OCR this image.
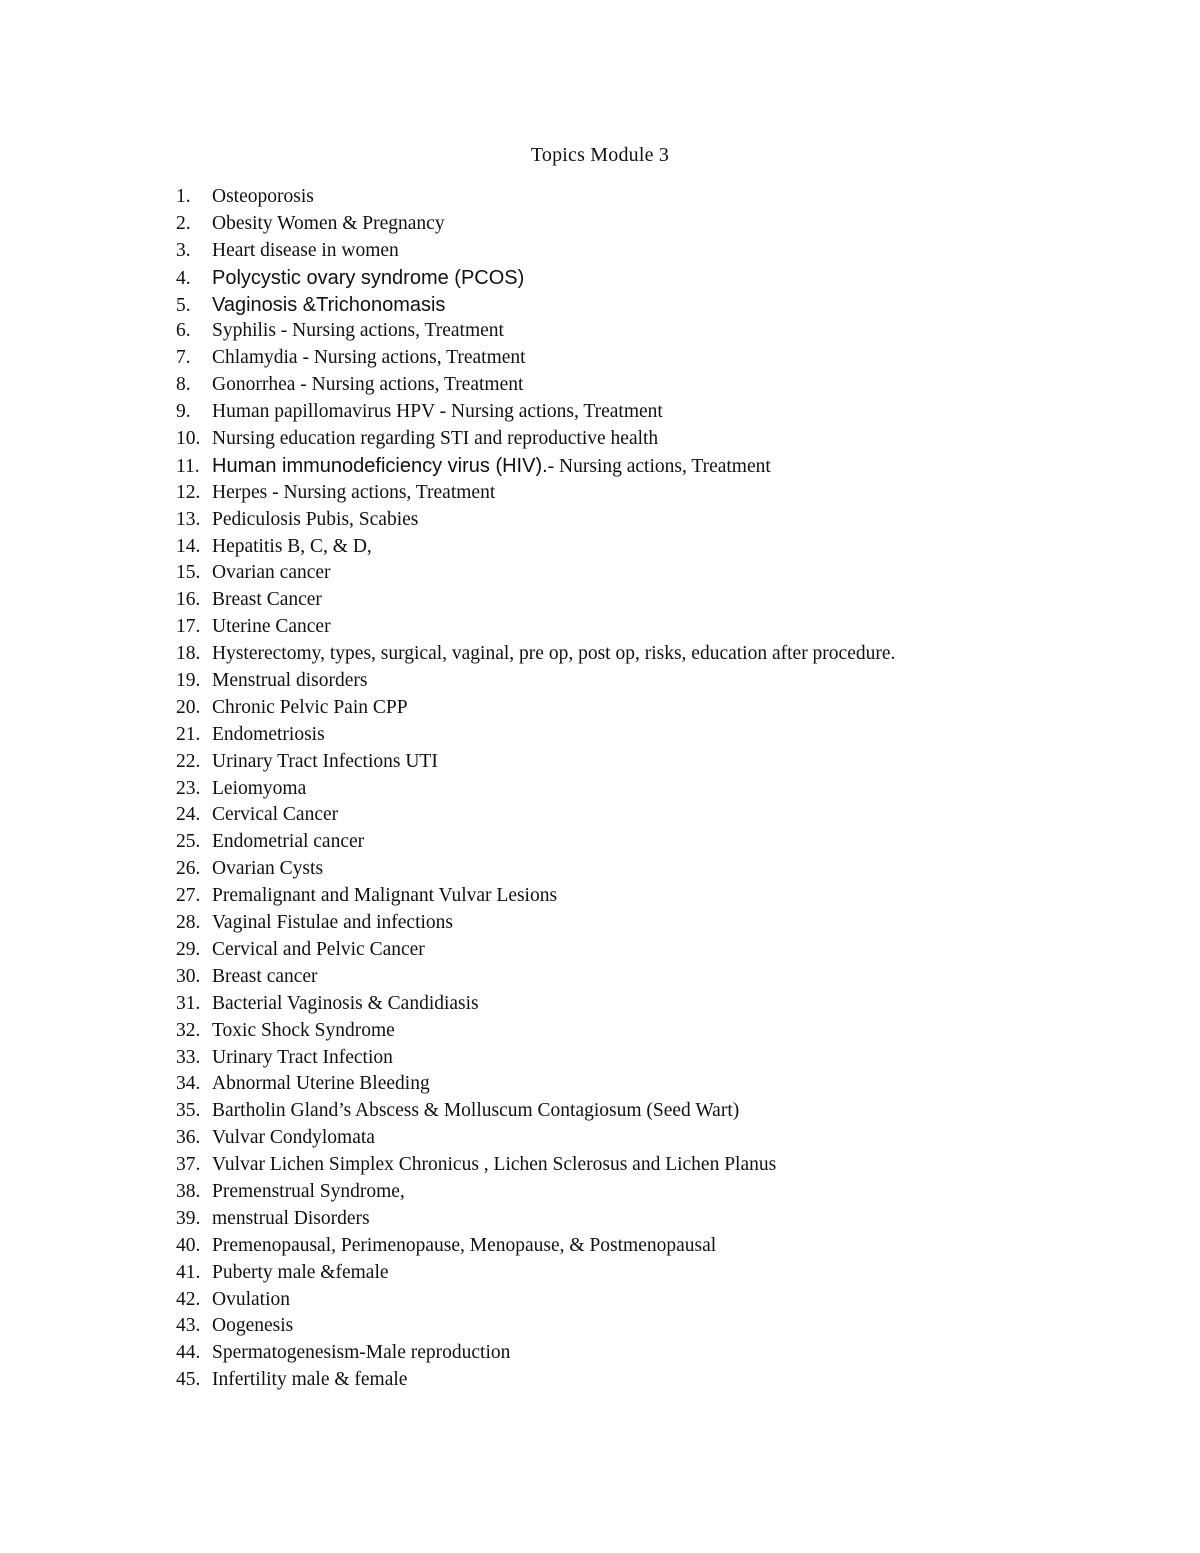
Topics Module 3
1.	Osteoporosis
2.	Obesity Women & Pregnancy
3.	Heart disease in women
4.	Polycystic ovary syndrome (PCOS)
5.	Vaginosis &Trichonomasis
6.	Syphilis - Nursing actions, Treatment
7.	Chlamydia - Nursing actions, Treatment
8.	Gonorrhea - Nursing actions, Treatment
9.	Human papillomavirus HPV - Nursing actions, Treatment
10. Nursing education regarding STI and reproductive health
11. Human immunodeficiency virus (HIV). - Nursing actions, Treatment
12. Herpes - Nursing actions, Treatment
13. Pediculosis Pubis, Scabies
14. Hepatitis B, C, & D,
15. Ovarian cancer
16. Breast Cancer
17. Uterine Cancer
18. Hysterectomy, types, surgical, vaginal, pre op, post op, risks, education after procedure.
19. Menstrual disorders
20. Chronic Pelvic Pain CPP
21. Endometriosis
22. Urinary Tract Infections UTI
23. Leiomyoma
24. Cervical Cancer
25. Endometrial cancer
26. Ovarian Cysts
27. Premalignant and Malignant Vulvar Lesions
28. Vaginal Fistulae and infections
29. Cervical and Pelvic Cancer
30. Breast cancer
31. Bacterial Vaginosis & Candidiasis
32. Toxic Shock Syndrome
33. Urinary Tract Infection
34. Abnormal Uterine Bleeding
35. Bartholin Gland’s Abscess & Molluscum Contagiosum (Seed Wart)
36. Vulvar Condylomata
37. Vulvar Lichen Simplex Chronicus , Lichen Sclerosus and Lichen Planus
38. Premenstrual Syndrome,
39. menstrual Disorders
40. Premenopausal, Perimenopause, Menopause, & Postmenopausal
41. Puberty male &female
42. Ovulation
43. Oogenesis
44. Spermatogenesism-Male reproduction
45. Infertility male & female
